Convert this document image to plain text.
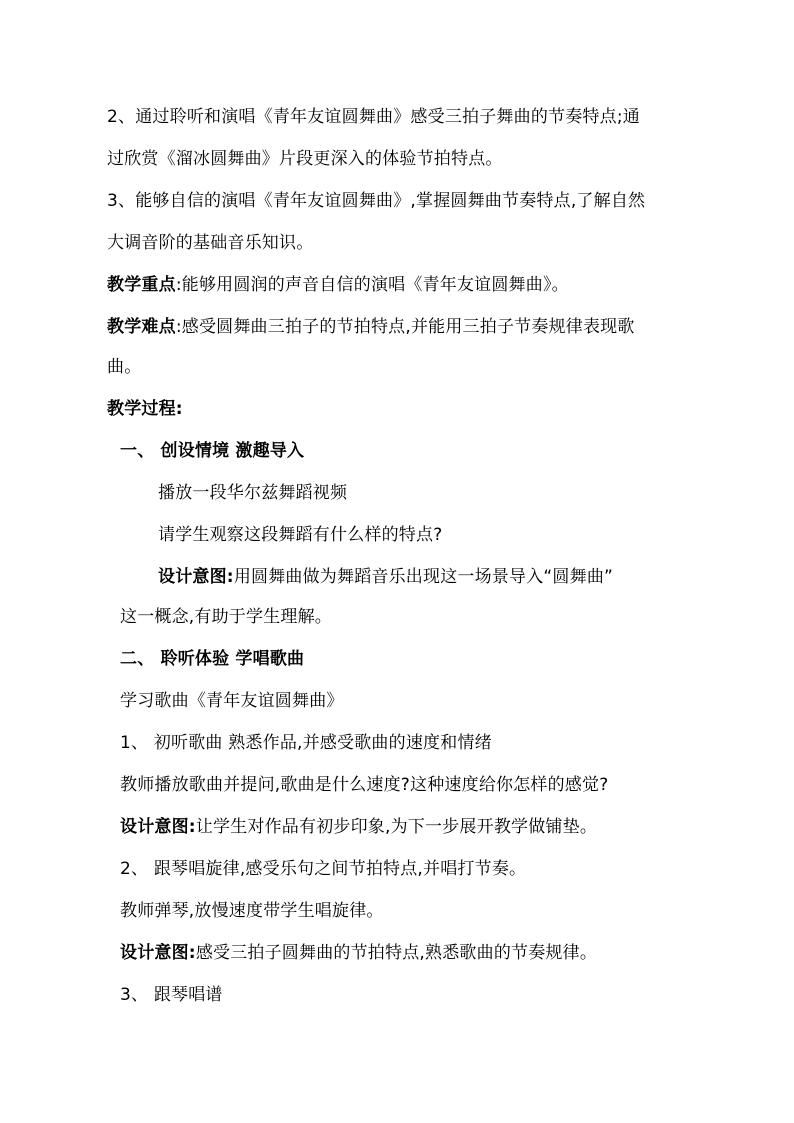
2、通过聆听和演唱《青年友谊圆舞曲》感受三拍子舞曲的节奏特点;通
过欣赏《溜冰圆舞曲》片段更深入的体验节拍特点。
3、能够自信的演唱《青年友谊圆舞曲》,掌握圆舞曲节奏特点,了解自然
大调音阶的基础音乐知识。
教学重点:能够用圆润的声音自信的演唱《青年友谊圆舞曲》。
教学难点:感受圆舞曲三拍子的节拍特点,并能用三拍子节奏规律表现歌
曲。
教学过程:
一、 创设情境 激趣导入
播放一段华尔兹舞蹈视频
请学生观察这段舞蹈有什么样的特点?
设计意图:用圆舞曲做为舞蹈音乐出现这一场景导入“圆舞曲”
这一概念,有助于学生理解。
二、 聆听体验 学唱歌曲
学习歌曲《青年友谊圆舞曲》
1、 初听歌曲 熟悉作品,并感受歌曲的速度和情绪
教师播放歌曲并提问,歌曲是什么速度?这种速度给你怎样的感觉?
设计意图:让学生对作品有初步印象,为下一步展开教学做铺垫。
2、 跟琴唱旋律,感受乐句之间节拍特点,并唱打节奏。
教师弹琴,放慢速度带学生唱旋律。
设计意图:感受三拍子圆舞曲的节拍特点,熟悉歌曲的节奏规律。
3、 跟琴唱谱
